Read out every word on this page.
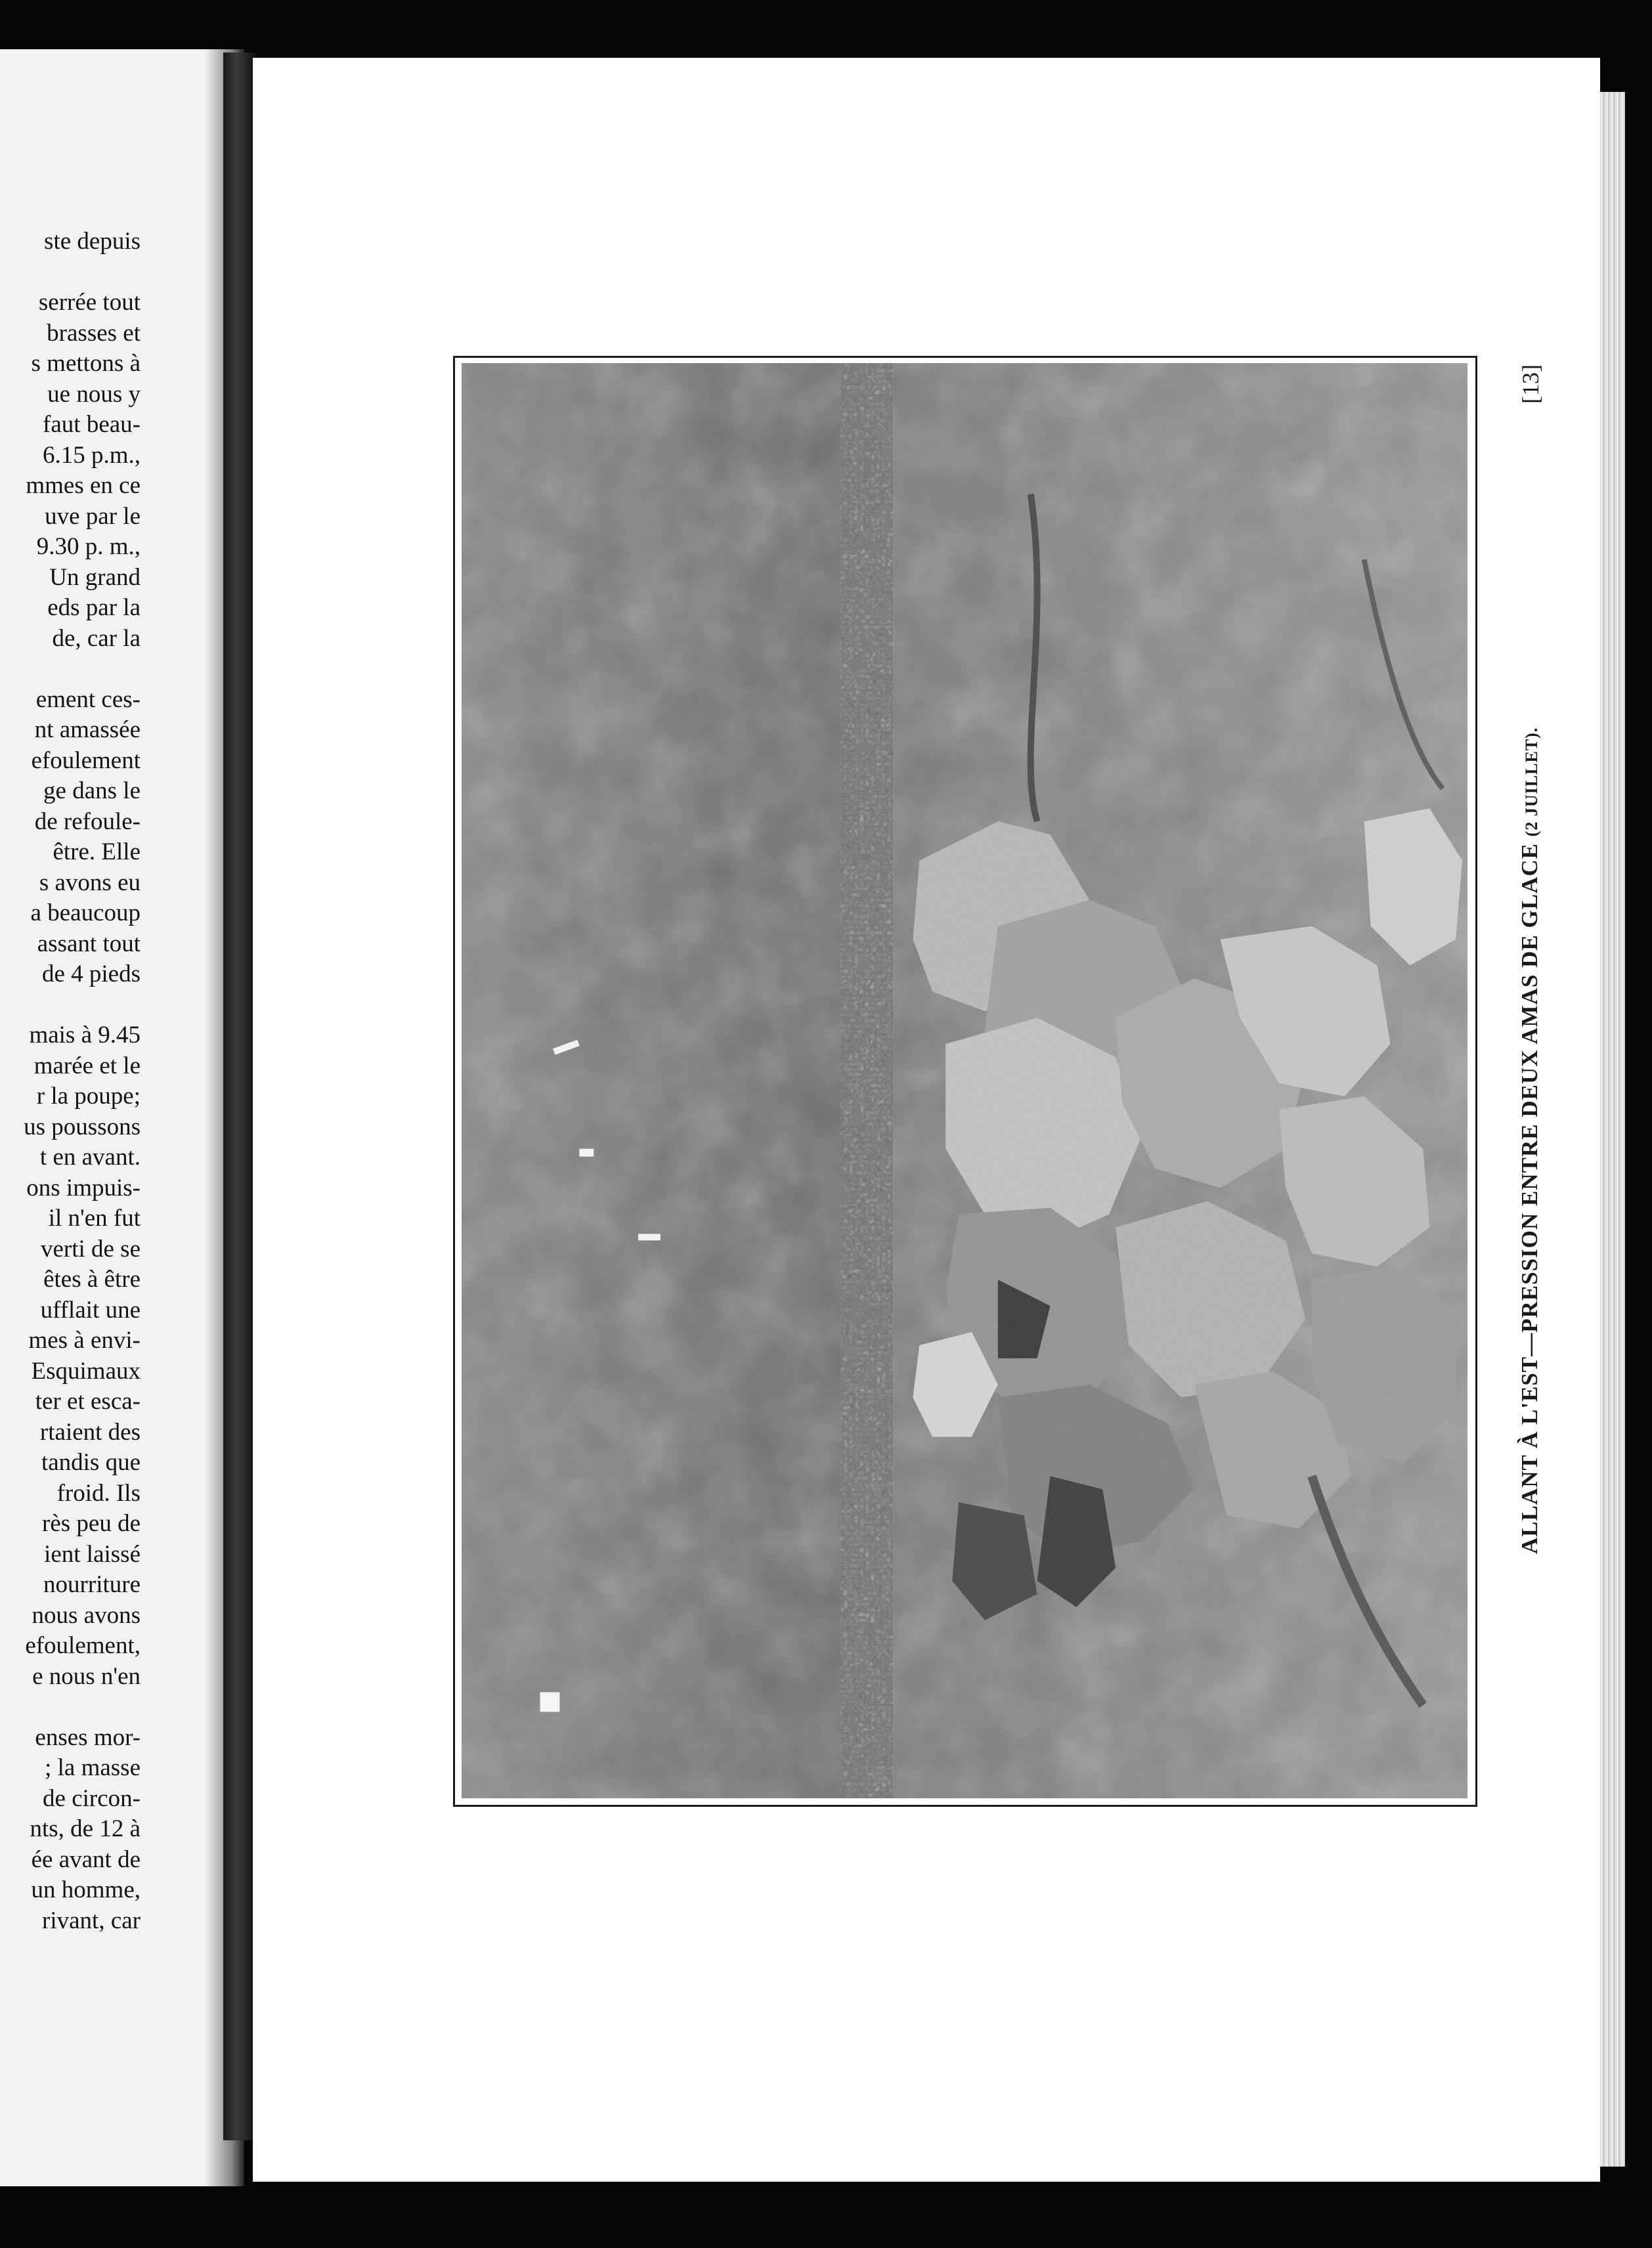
ste depuis
serrée tout
brasses et
s mettons à
ue nous y
faut beau-
6.15 p.m.,
mmes en ce
uve par le
9.30 p. m.,
Un grand
eds par la
de, car la
ement ces-
nt amassée
efoulement
ge dans le
de refoule-
être. Elle
s avons eu
a beaucoup
assant tout
de 4 pieds
mais à 9.45
marée et le
r la poupe;
us poussons
t en avant.
ons impuis-
il n'en fut
verti de se
êtes à être
ufflait une
mes à envi-
Esquimaux
ter et esca-
rtaient des
tandis que
froid. Ils
rès peu de
ient laissé
nourriture
nous avons
efoulement,
e nous n'en
enses mor-
; la masse
de circon-
nts, de 12 à
ée avant de
un homme,
rivant, car
[13]
ALLANT À L'EST—PRESSION ENTRE DEUX AMAS DE GLACE (2 JUILLET).
